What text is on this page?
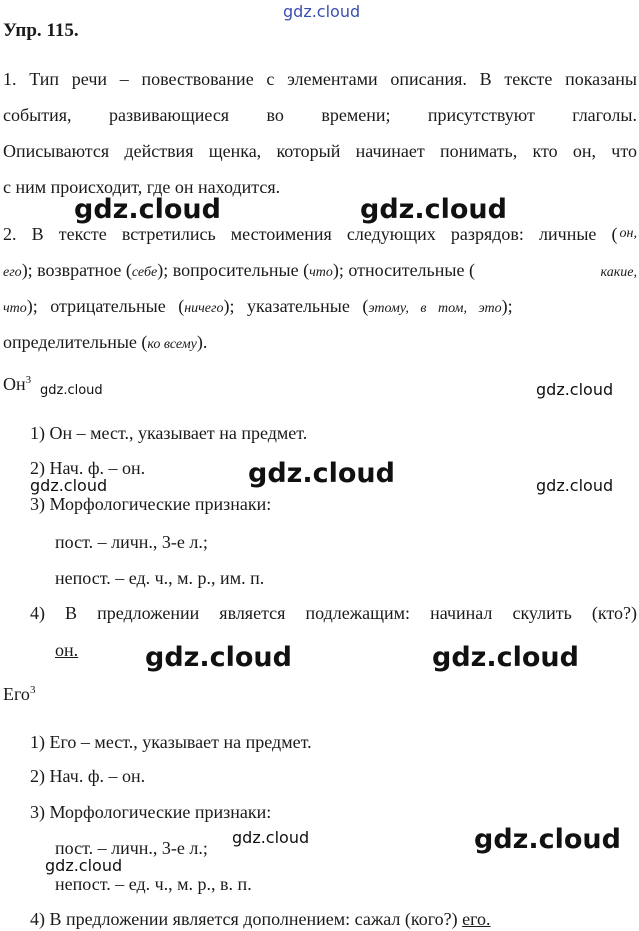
gdz.cloud
Упр. 115.
1. Тип речи – повествование с элементами описания. В тексте показаны
события, развивающиеся во времени; присутствуют глаголы.
Описываются действия щенка, который начинает понимать, кто он, что
с ним происходит, где он находится.
gdz.cloud	gdz.cloud
2. В тексте встретились местоимения следующих разрядов: личные ( он,
его); возвратное (себе); вопросительные (что); относительные (	какие,
что); отрицательные (ничего); указательные (этому, в том, это);
определительные (ко всему).
$Он^3$
gdz.cloud	gdz.cloud
1) Он – мест., указывает на предмет.
2) Нач. ф. – он.	gdz.cloud
gdz.cloud	gdz.cloud
3) Морфологические признаки:
пост. – личн., 3-е л.;
непост. – ед. ч., м. р., им. п.
4) В предложении является подлежащим: начинал скулить (кто?)
он. gdz.cloud	gdz.cloud
Его$^3$
1) Его – мест., указывает на предмет.
2) Нач. ф. – он.
3) Морфологические признаки:
пост. – личн., 3-е л.;
gdz.cloud	gdz.cloud
gdz.cloud
непост. – ед. ч., м. р., в. п.
4) В предложении является дополнением: сажал (кого?) его.
